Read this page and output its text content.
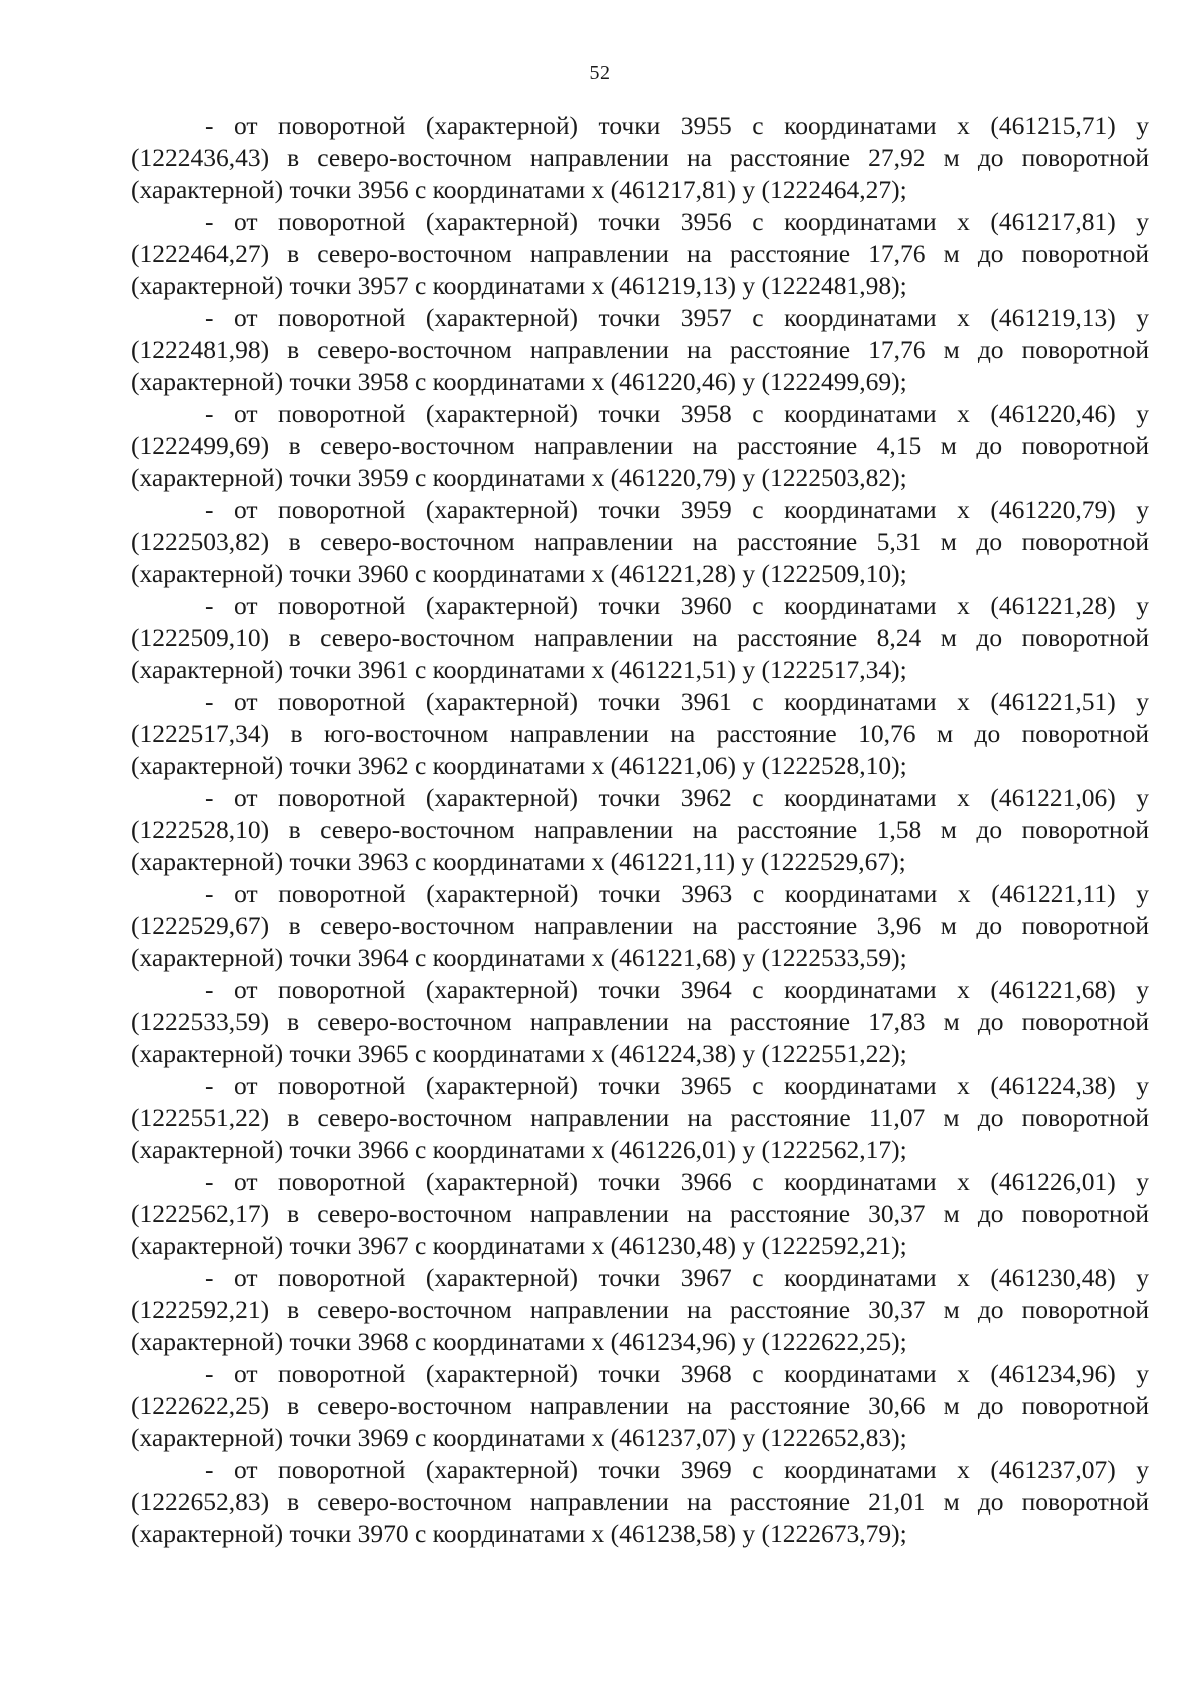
52

- от поворотной (характерной) точки 3955 с координатами х (461215,71) у (1222436,43) в северо-восточном направлении на расстояние 27,92 м до поворотной (характерной) точки 3956 с координатами х (461217,81) у (1222464,27);

- от поворотной (характерной) точки 3956 с координатами х (461217,81) у (1222464,27) в северо-восточном направлении на расстояние 17,76 м до поворотной (характерной) точки 3957 с координатами х (461219,13) у (1222481,98);

- от поворотной (характерной) точки 3957 с координатами х (461219,13) у (1222481,98) в северо-восточном направлении на расстояние 17,76 м до поворотной (характерной) точки 3958 с координатами х (461220,46) у (1222499,69);

- от поворотной (характерной) точки 3958 с координатами х (461220,46) у (1222499,69) в северо-восточном направлении на расстояние 4,15 м до поворотной (характерной) точки 3959 с координатами х (461220,79) у (1222503,82);

- от поворотной (характерной) точки 3959 с координатами х (461220,79) у (1222503,82) в северо-восточном направлении на расстояние 5,31 м до поворотной (характерной) точки 3960 с координатами х (461221,28) у (1222509,10);

- от поворотной (характерной) точки 3960 с координатами х (461221,28) у (1222509,10) в северо-восточном направлении на расстояние 8,24 м до поворотной (характерной) точки 3961 с координатами х (461221,51) у (1222517,34);

- от поворотной (характерной) точки 3961 с координатами х (461221,51) у (1222517,34) в юго-восточном направлении на расстояние 10,76 м до поворотной (характерной) точки 3962 с координатами х (461221,06) у (1222528,10);

- от поворотной (характерной) точки 3962 с координатами х (461221,06) у (1222528,10) в северо-восточном направлении на расстояние 1,58 м до поворотной (характерной) точки 3963 с координатами х (461221,11) у (1222529,67);

- от поворотной (характерной) точки 3963 с координатами х (461221,11) у (1222529,67) в северо-восточном направлении на расстояние 3,96 м до поворотной (характерной) точки 3964 с координатами х (461221,68) у (1222533,59);

- от поворотной (характерной) точки 3964 с координатами х (461221,68) у (1222533,59) в северо-восточном направлении на расстояние 17,83 м до поворотной (характерной) точки 3965 с координатами х (461224,38) у (1222551,22);

- от поворотной (характерной) точки 3965 с координатами х (461224,38) у (1222551,22) в северо-восточном направлении на расстояние 11,07 м до поворотной (характерной) точки 3966 с координатами х (461226,01) у (1222562,17);

- от поворотной (характерной) точки 3966 с координатами х (461226,01) у (1222562,17) в северо-восточном направлении на расстояние 30,37 м до поворотной (характерной) точки 3967 с координатами х (461230,48) у (1222592,21);

- от поворотной (характерной) точки 3967 с координатами х (461230,48) у (1222592,21) в северо-восточном направлении на расстояние 30,37 м до поворотной (характерной) точки 3968 с координатами х (461234,96) у (1222622,25);

- от поворотной (характерной) точки 3968 с координатами х (461234,96) у (1222622,25) в северо-восточном направлении на расстояние 30,66 м до поворотной (характерной) точки 3969 с координатами х (461237,07) у (1222652,83);

- от поворотной (характерной) точки 3969 с координатами х (461237,07) у (1222652,83) в северо-восточном направлении на расстояние 21,01 м до поворотной (характерной) точки 3970 с координатами х (461238,58) у (1222673,79);
